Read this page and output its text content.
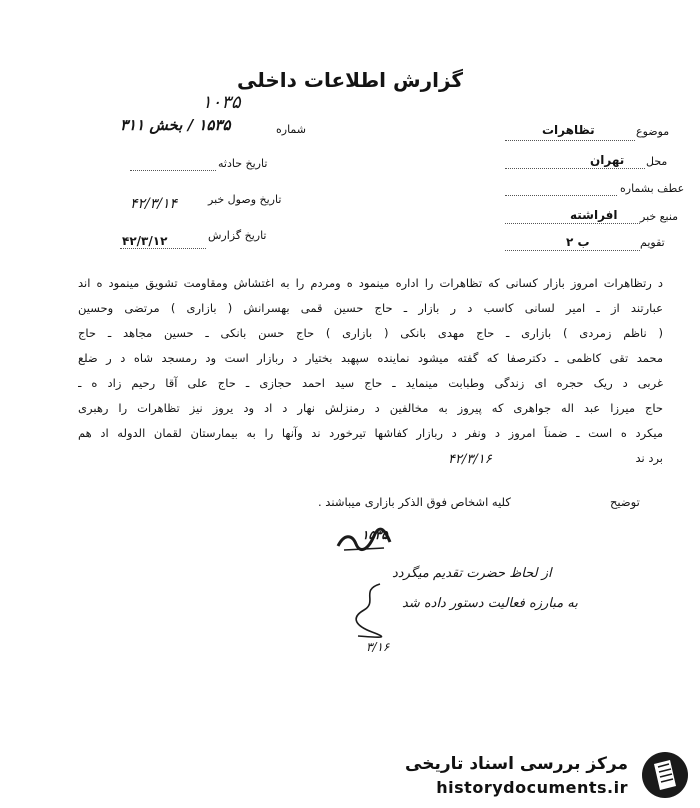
گزارش اطلاعات داخلی
۱۰۳۵
شماره
۱۵۳۵ / بخش ۳۱۱
تاریخ حادثه
تاریخ وصول خبر
۴۲/۳/۱۴
تاریخ گزارش
۴۲/۳/۱۲
موضوع
تظاهرات
محل
تهران
عطف بشماره
منبع خبر
افراشته
تقویم
ب ۲
د رتظاهرات امروز بازار کسانی که تظاهرات را اداره مینمود ه ومردم را به اغتشاش ومقاومت تشویق مینمود ه اند
عبارتند از ـ امیر لسانی کاسب د ر بازار ـ حاج حسین قمی بهسرانش ( بازاری ) مرتضی وحسین
( ناظم زمردی ) بازاری ـ حاج مهدی بانکی ( بازاری ) حاج حسن بانکی ـ حسین مجاهد ـ حاج
محمد تقی کاظمی ـ دکترصفا که گفته میشود نماینده سپهبد بختیار د ربازار است ود رمسجد شاه د ر ضلع
غربی د ریک حجره ای زندگی وطبابت مینماید ـ حاج سید احمد حجازی ـ حاج علی آقا رحیم زاد ه ـ
حاج میرزا عبد اله جواهری که پیروز به مخالفین د رمنزلش نهار د اد ود یروز نیز تظاهرات را رهبری
میکرد ه است ـ ضمناً امروز د ونفر د ربازار کفاشها تیرخورد ند وآنها را به بیمارستان لقمان الدوله اد هم
برد ند
۴۲/۳/۱۶
توضیح
کلیه اشخاص فوق الذکر بازاری میباشند .
۱۵۳۵
از لحاظ حضرت تقدیم میگردد
به مبارزه فعالیت دستور داده شد
۳/۱۶
مرکز بررسی اسناد تاریخی
historydocuments.ir
